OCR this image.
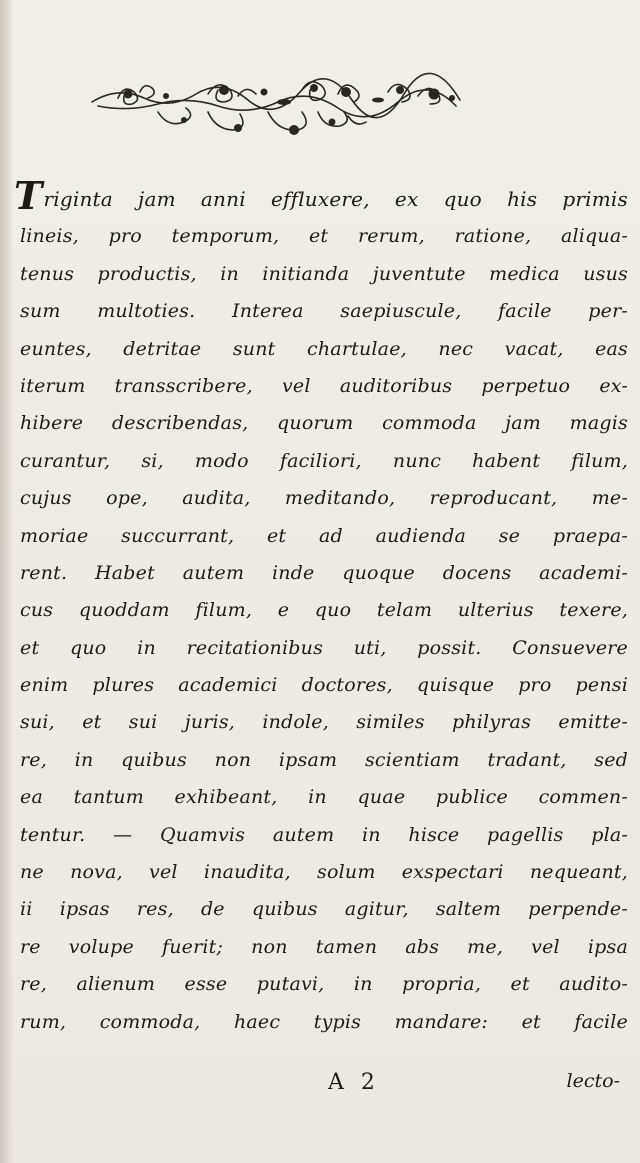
Triginta jam anni effluxere, ex quo his primis
lineis, pro temporum, et rerum, ratione, aliqua-
tenus productis, in initianda juventute medica usus
sum multoties. Interea saepiusculе, facile per-
euntes, detritae sunt chartulae, nec vacat, eas
iterum transscribere, vel auditoribus perpetuo ex-
hibere describendas, quorum commoda jam magis
curantur, si, modo faciliori, nunc habent filum,
cujus ope, audita, meditando, reproducant, me-
moriae succurrant, et ad audienda se praepa-
rent. Habet autem inde quoque docens academi-
cus quoddam filum, e quo telam ulterius texere,
et quo in recitationibus uti, possit. Consuevere
enim plures academici doctores, quisque pro pensi
sui, et sui juris, indole, similes philyras emitte-
re, in quibus non ipsam scientiam tradant, sed
ea tantum exhibeant, in quae publice commen-
tentur. — Quamvis autem in hisce pagellis pla-
ne nova, vel inaudita, solum exspectari nequeant,
ii ipsas res, de quibus agitur, saltem perpende-
re volupe fuerit; non tamen abs me, vel ipsa
re, alienum esse putavi, in propria, et audito-
rum, commoda, haec typis mandare: et facile
A 2	lecto-
